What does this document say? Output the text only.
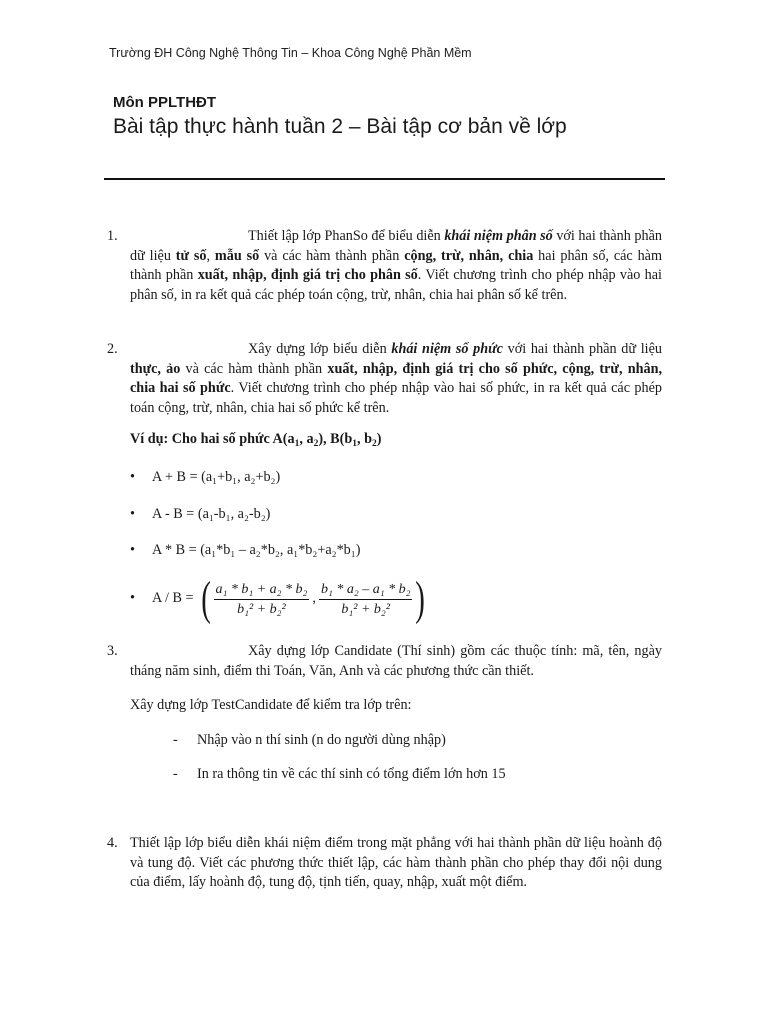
Trường ĐH Công Nghệ Thông Tin – Khoa Công Nghệ Phần Mềm
Môn PPLTHĐT
Bài tập thực hành tuần 2 – Bài tập cơ bản về lớp
1.	Thiết lập lớp PhanSo để biểu diễn khái niệm phân số với hai thành phần dữ liệu tử số, mẫu số và các hàm thành phần cộng, trừ, nhân, chia hai phân số, các hàm thành phần xuất, nhập, định giá trị cho phân số. Viết chương trình cho phép nhập vào hai phân số, in ra kết quả các phép toán cộng, trừ, nhân, chia hai phân số kể trên.
2.	Xây dựng lớp biểu diễn khái niệm số phức với hai thành phần dữ liệu thực, ảo và các hàm thành phần xuất, nhập, định giá trị cho số phức, cộng, trừ, nhân, chia hai số phức. Viết chương trình cho phép nhập vào hai số phức, in ra kết quả các phép toán cộng, trừ, nhân, chia hai số phức kể trên.
Ví dụ: Cho hai số phức $A(a_1$, $a_2$), $B(b_1$, $b_2$)
• A + B = (a₁+b₁, a₂+b₂)
• A - B = (a₁-b₁, a₂-b₂)
• A * B = (a₁*b₁ – a₂*b₂, a₁*b₂+a₂*b₁)
•	A / B = ( $\frac{\text{a₁ * b₁ + a₂ * b₂}}{\text{b₁² + b₂²}}$ , $\frac{\text{b₁ * a₂ – a₁ * b₂}}{\text{b₁² + b₂²}}$ )
3.	Xây dựng lớp Candidate (Thí sinh) gồm các thuộc tính: mã, tên, ngày tháng năm sinh, điểm thi Toán, Văn, Anh và các phương thức cần thiết.
Xây dựng lớp TestCandidate để kiểm tra lớp trên:
- Nhập vào n thí sinh (n do người dùng nhập)
- In ra thông tin về các thí sinh có tổng điểm lớn hơn 15
4. Thiết lập lớp biểu diễn khái niệm điểm trong mặt phẳng với hai thành phần dữ liệu hoành độ và tung độ. Viết các phương thức thiết lập, các hàm thành phần cho phép thay đổi nội dung của điểm, lấy hoành độ, tung độ, tịnh tiến, quay, nhập, xuất một điểm.
